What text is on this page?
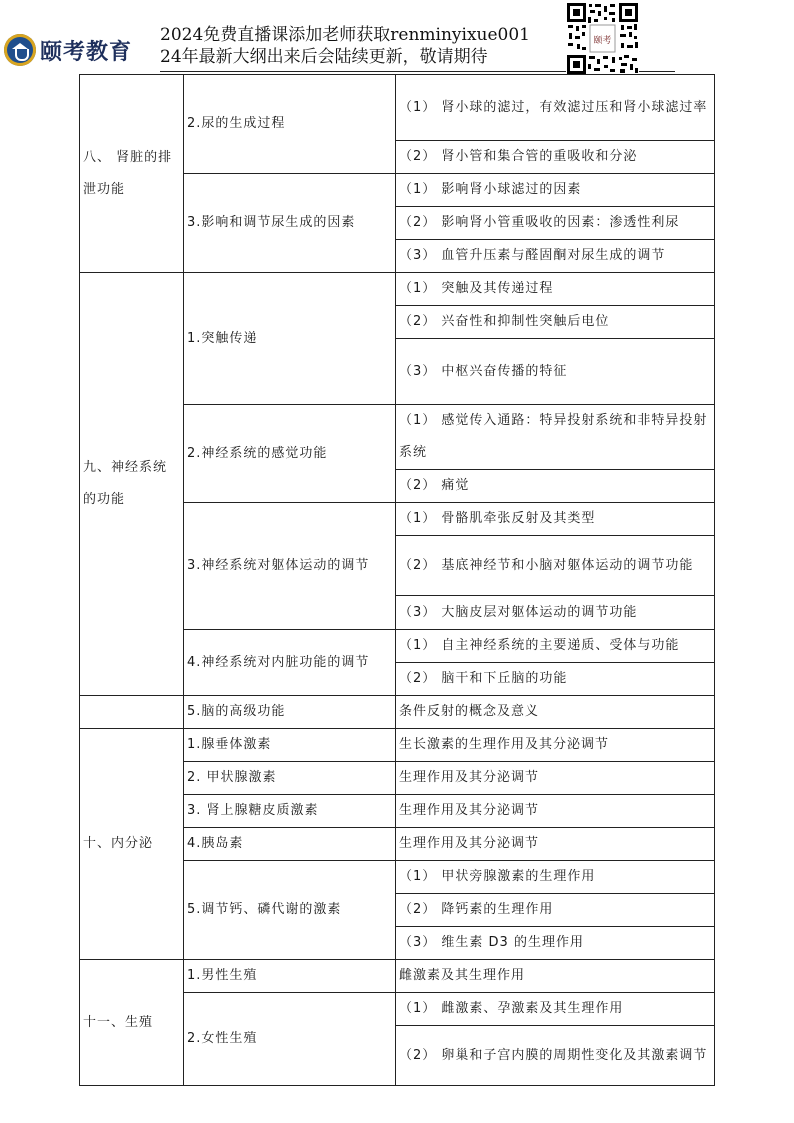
颐考教育
2024免费直播课添加老师获取renminyixue001
24年最新大纲出来后会陆续更新，敬请期待
颐考
八、 肾脏的排泄功能	2.尿的生成过程	（1） 肾小球的滤过，有效滤过压和肾小球滤过率
		（2） 肾小管和集合管的重吸收和分泌
	3.影响和调节尿生成的因素	（1） 影响肾小球滤过的因素
		（2） 影响肾小管重吸收的因素：渗透性利尿
		（3） 血管升压素与醛固酮对尿生成的调节
九、神经系统的功能	1.突触传递	（1） 突触及其传递过程
		（2） 兴奋性和抑制性突触后电位
		（3） 中枢兴奋传播的特征
	2.神经系统的感觉功能	（1） 感觉传入通路：特异投射系统和非特异投射系统
		（2） 痛觉
	3.神经系统对躯体运动的调节	（1） 骨骼肌牵张反射及其类型
		（2） 基底神经节和小脑对躯体运动的调节功能
		（3） 大脑皮层对躯体运动的调节功能
	4.神经系统对内脏功能的调节	（1） 自主神经系统的主要递质、受体与功能
		（2） 脑干和下丘脑的功能
	5.脑的高级功能	条件反射的概念及意义
十、内分泌	1.腺垂体激素	生长激素的生理作用及其分泌调节
	2. 甲状腺激素	生理作用及其分泌调节
	3. 肾上腺糖皮质激素	生理作用及其分泌调节
	4.胰岛素	生理作用及其分泌调节
	5.调节钙、磷代谢的激素	（1） 甲状旁腺激素的生理作用
		（2） 降钙素的生理作用
		（3） 维生素 D3 的生理作用
十一、生殖	1.男性生殖	雌激素及其生理作用
	2.女性生殖	（1） 雌激素、孕激素及其生理作用
		（2） 卵巢和子宫内膜的周期性变化及其激素调节
